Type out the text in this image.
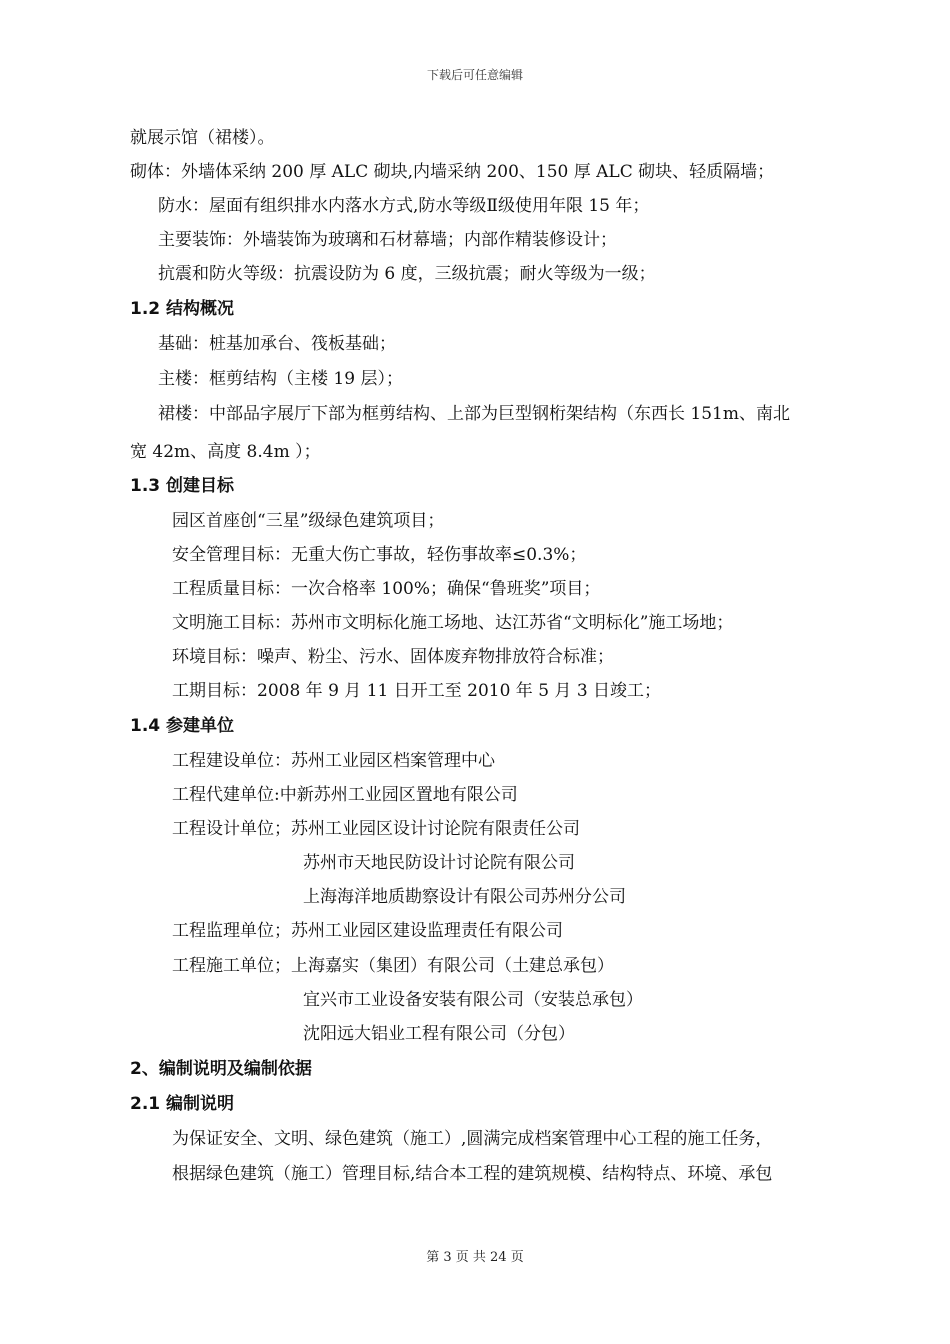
下载后可任意编辑
就展示馆（裙楼）。
砌体：外墙体采纳 200 厚 ALC 砌块,内墙采纳 200、150 厚 ALC 砌块、轻质隔墙；
防水：屋面有组织排水内落水方式,防水等级Ⅱ级使用年限 15 年；
主要装饰：外墙装饰为玻璃和石材幕墙；内部作精装修设计；
抗震和防火等级：抗震设防为 6 度，三级抗震；耐火等级为一级；
1.2 结构概况
基础：桩基加承台、筏板基础；
主楼：框剪结构（主楼 19 层）；
裙楼：中部品字展厅下部为框剪结构、上部为巨型钢桁架结构（东西长 151m、南北
宽 42m、高度 8.4m ）；
1.3 创建目标
园区首座创“三星”级绿色建筑项目；
安全管理目标：无重大伤亡事故，轻伤事故率≤0.3%；
工程质量目标：一次合格率 100%；确保“鲁班奖”项目；
文明施工目标：苏州市文明标化施工场地、达江苏省“文明标化”施工场地；
环境目标：噪声、粉尘、污水、固体废弃物排放符合标准；
工期目标：2008 年 9 月 11 日开工至 2010 年 5 月 3 日竣工；
1.4 参建单位
工程建设单位：苏州工业园区档案管理中心
工程代建单位:中新苏州工业园区置地有限公司
工程设计单位；苏州工业园区设计讨论院有限责任公司
苏州市天地民防设计讨论院有限公司
上海海洋地质勘察设计有限公司苏州分公司
工程监理单位；苏州工业园区建设监理责任有限公司
工程施工单位；上海嘉实（集团）有限公司（土建总承包）
宜兴市工业设备安装有限公司（安装总承包）
沈阳远大铝业工程有限公司（分包）
2、编制说明及编制依据
2.1 编制说明
为保证安全、文明、绿色建筑（施工）,圆满完成档案管理中心工程的施工任务，
根据绿色建筑（施工）管理目标,结合本工程的建筑规模、结构特点、环境、承包
第 3 页 共 24 页
